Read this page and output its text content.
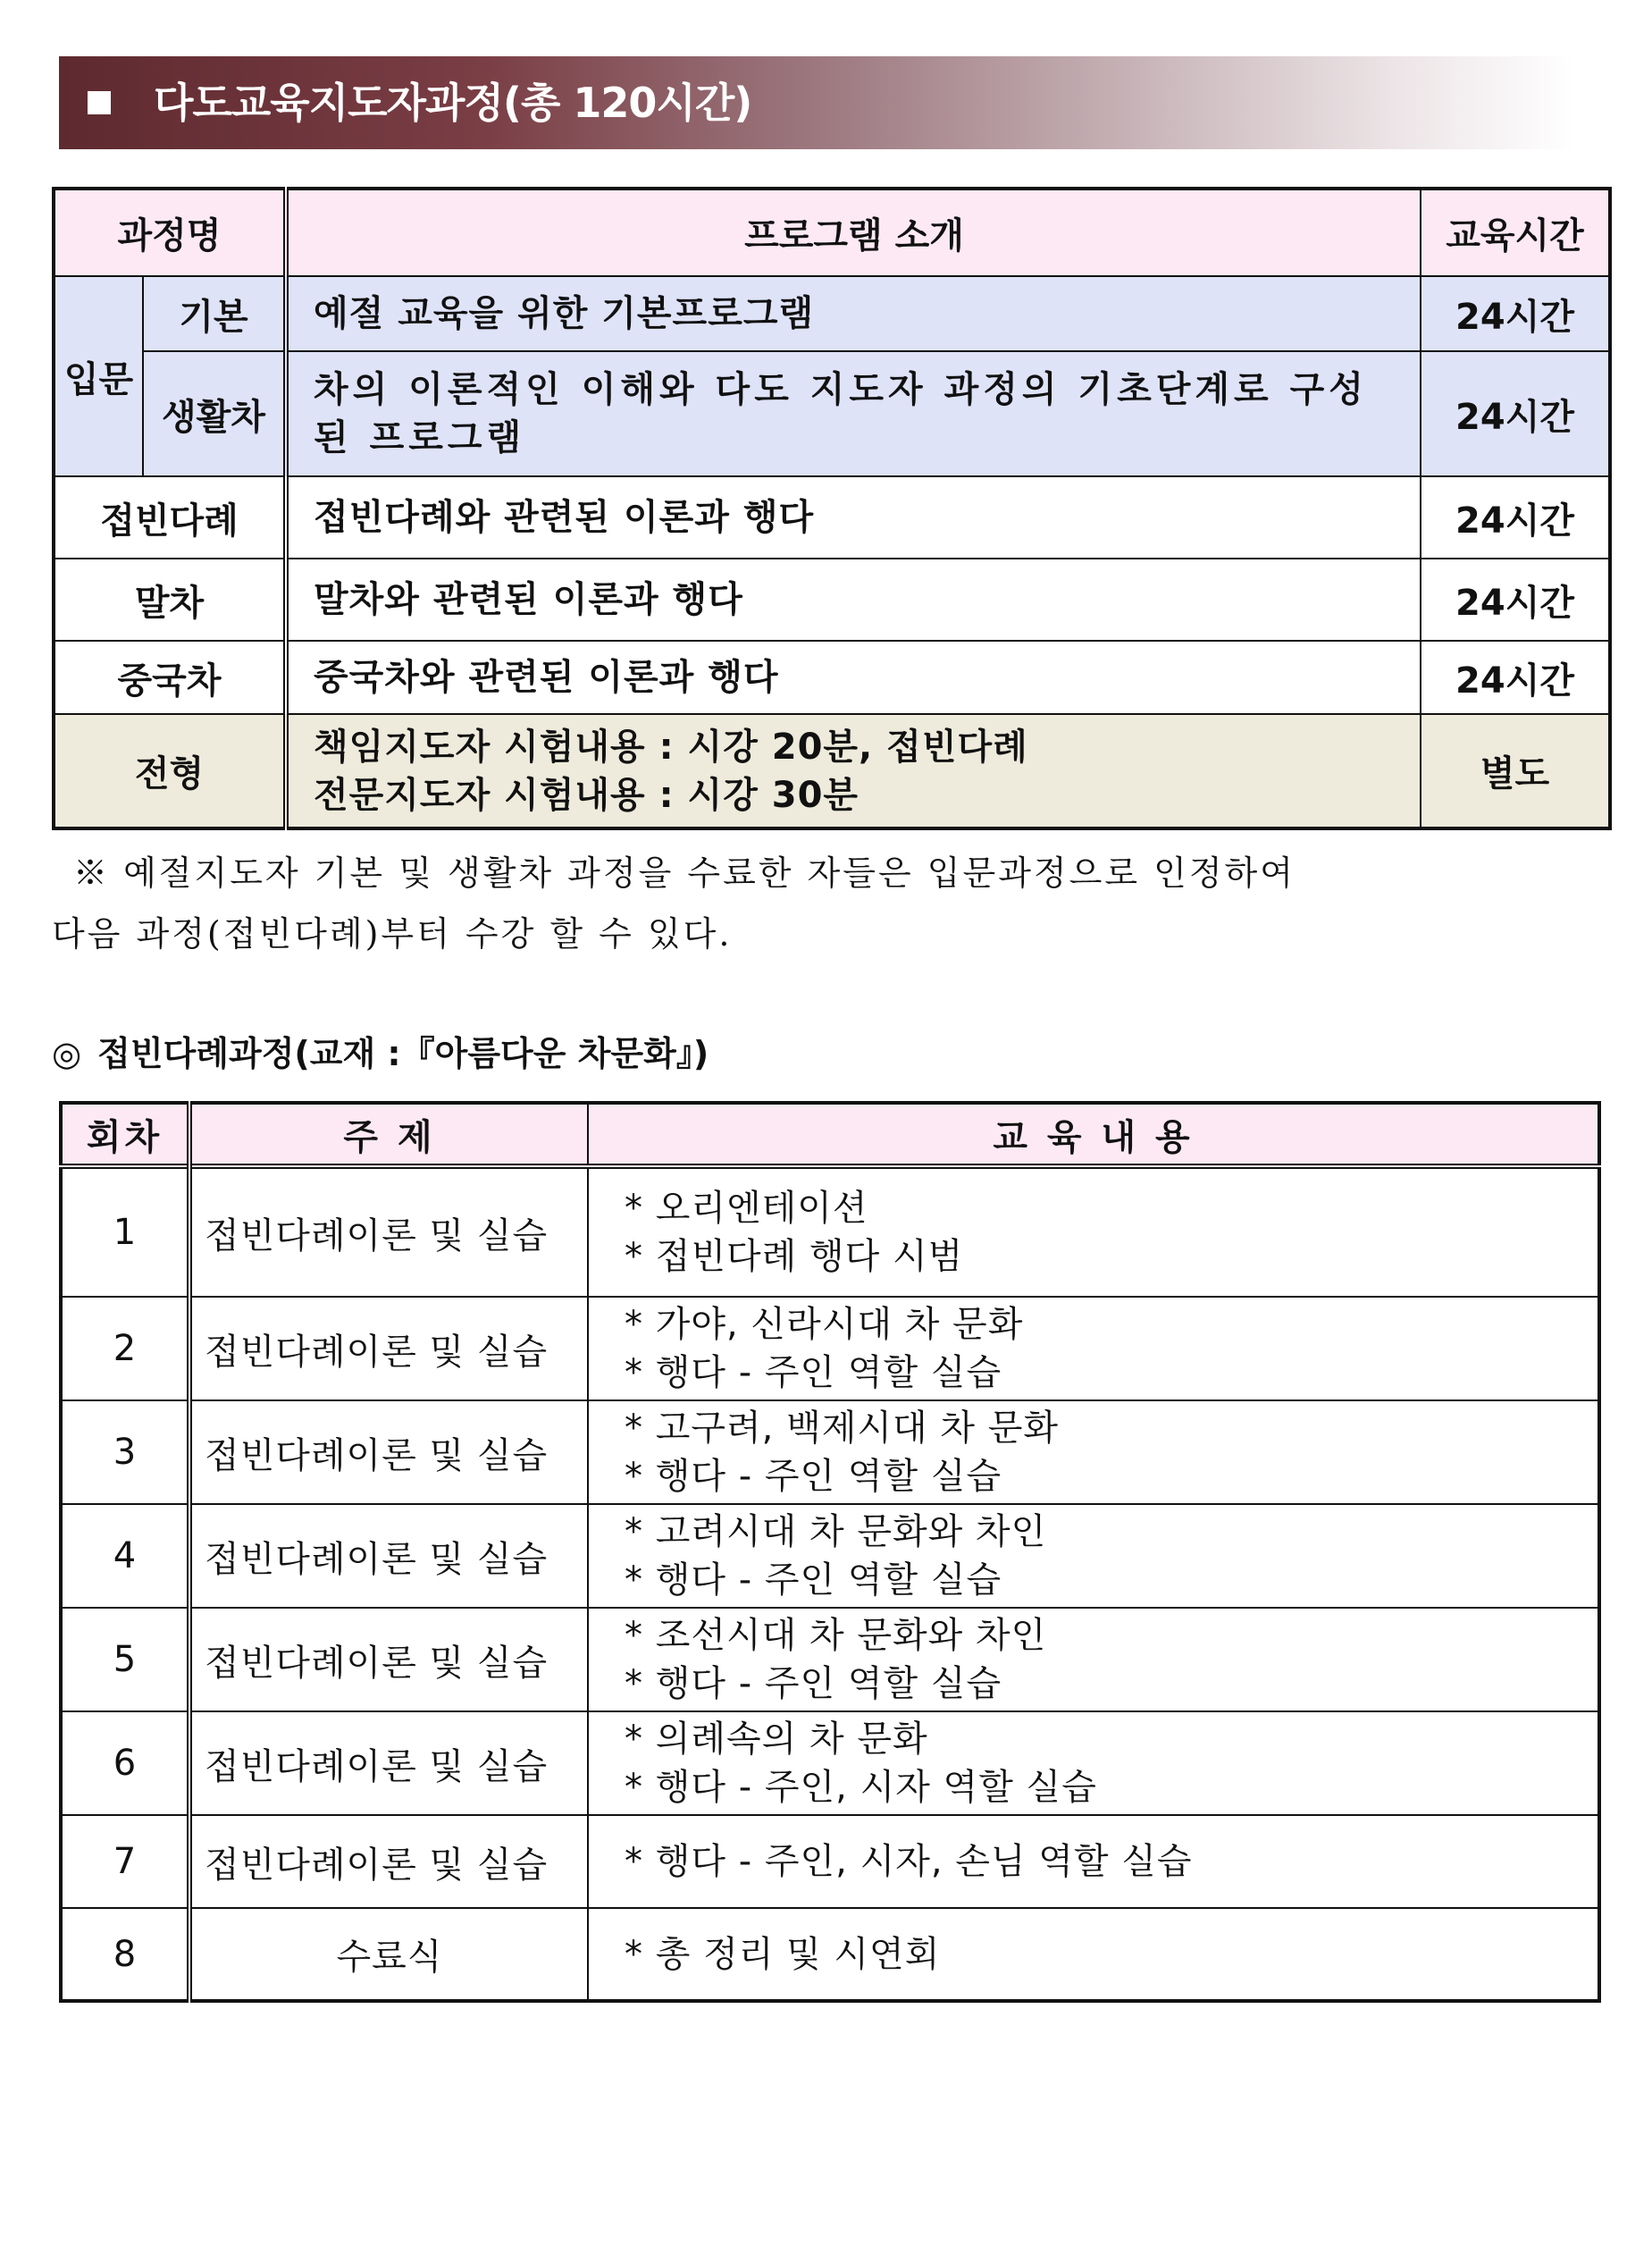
다도교육지도자과정(총 120시간)
과정명		프로그램 소개	교육시간
입문	기본	예절 교육을 위한 기본프로그램	24시간
	생활차	차의 이론적인 이해와 다도 지도자 과정의 기초단계로 구성된 프로그램	24시간
접빈다례		접빈다례와 관련된 이론과 행다	24시간
말차		말차와 관련된 이론과 행다	24시간
중국차		중국차와 관련된 이론과 행다	24시간
전형		책임지도자 시험내용 : 시강 20분, 접빈다례
전문지도자 시험내용 : 시강 30분	별도
※ 예절지도자 기본 및 생활차 과정을 수료한 자들은 입문과정으로 인정하여
다음 과정(접빈다례)부터 수강 할 수 있다.
◎ 접빈다례과정(교재 :『아름다운 차문화』)
회차	주 제	교 육 내 용
1	접빈다례이론 및 실습	* 오리엔테이션
* 접빈다례 행다 시범

2	접빈다례이론 및 실습	* 가야, 신라시대 차 문화
* 행다 - 주인 역할 실습

3	접빈다례이론 및 실습	* 고구려, 백제시대 차 문화
* 행다 - 주인 역할 실습

4	접빈다례이론 및 실습	* 고려시대 차 문화와 차인
* 행다 - 주인 역할 실습

5	접빈다례이론 및 실습	* 조선시대 차 문화와 차인
* 행다 - 주인 역할 실습

6	접빈다례이론 및 실습	* 의례속의 차 문화
* 행다 - 주인, 시자 역할 실습

7	접빈다례이론 및 실습	* 행다 - 주인, 시자, 손님 역할 실습

8	수료식	* 총 정리 및 시연회
